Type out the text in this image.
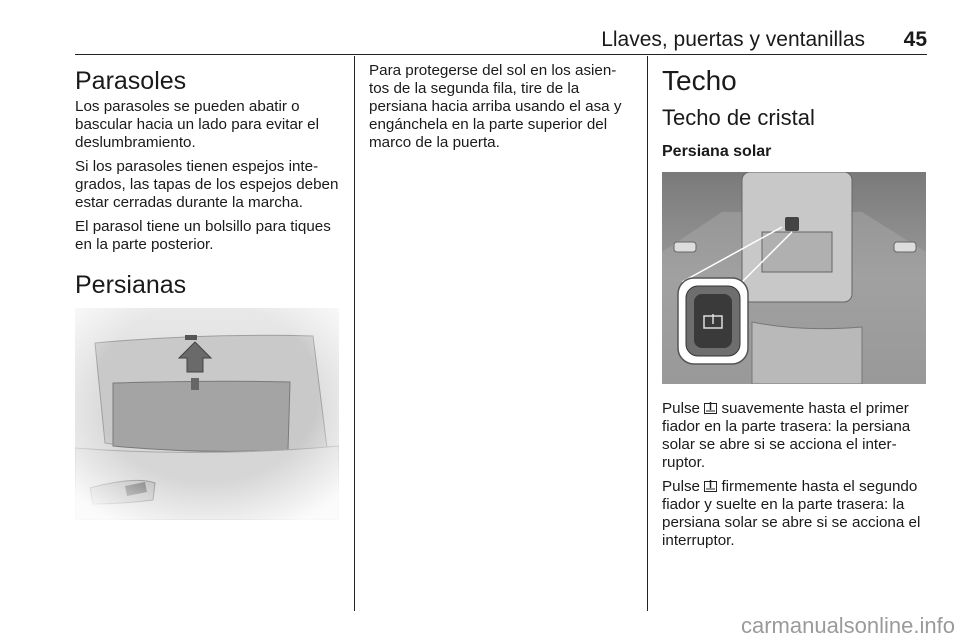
Llaves, puertas y ventanillas	45
Parasoles

Los parasoles se pueden abatir o bascular hacia un lado para evitar el deslumbramiento.

Si los parasoles tienen espejos inte-grados, las tapas de los espejos deben estar cerradas durante la marcha.

El parasol tiene un bolsillo para tiques en la parte posterior.

Persianas

Para protegerse del sol en los asien-tos de la segunda fila, tire de la persiana hacia arriba usando el asa y engánchela en la parte superior del marco de la puerta.

Techo
Techo de cristal
Persiana solar

Pulse  suavemente hasta el primer fiador en la parte trasera: la persiana solar se abre si se acciona el inter-ruptor.

Pulse  firmemente hasta el segundo fiador y suelte en la parte trasera: la persiana solar se abre si se acciona el interruptor.

carmanualsonline.info
